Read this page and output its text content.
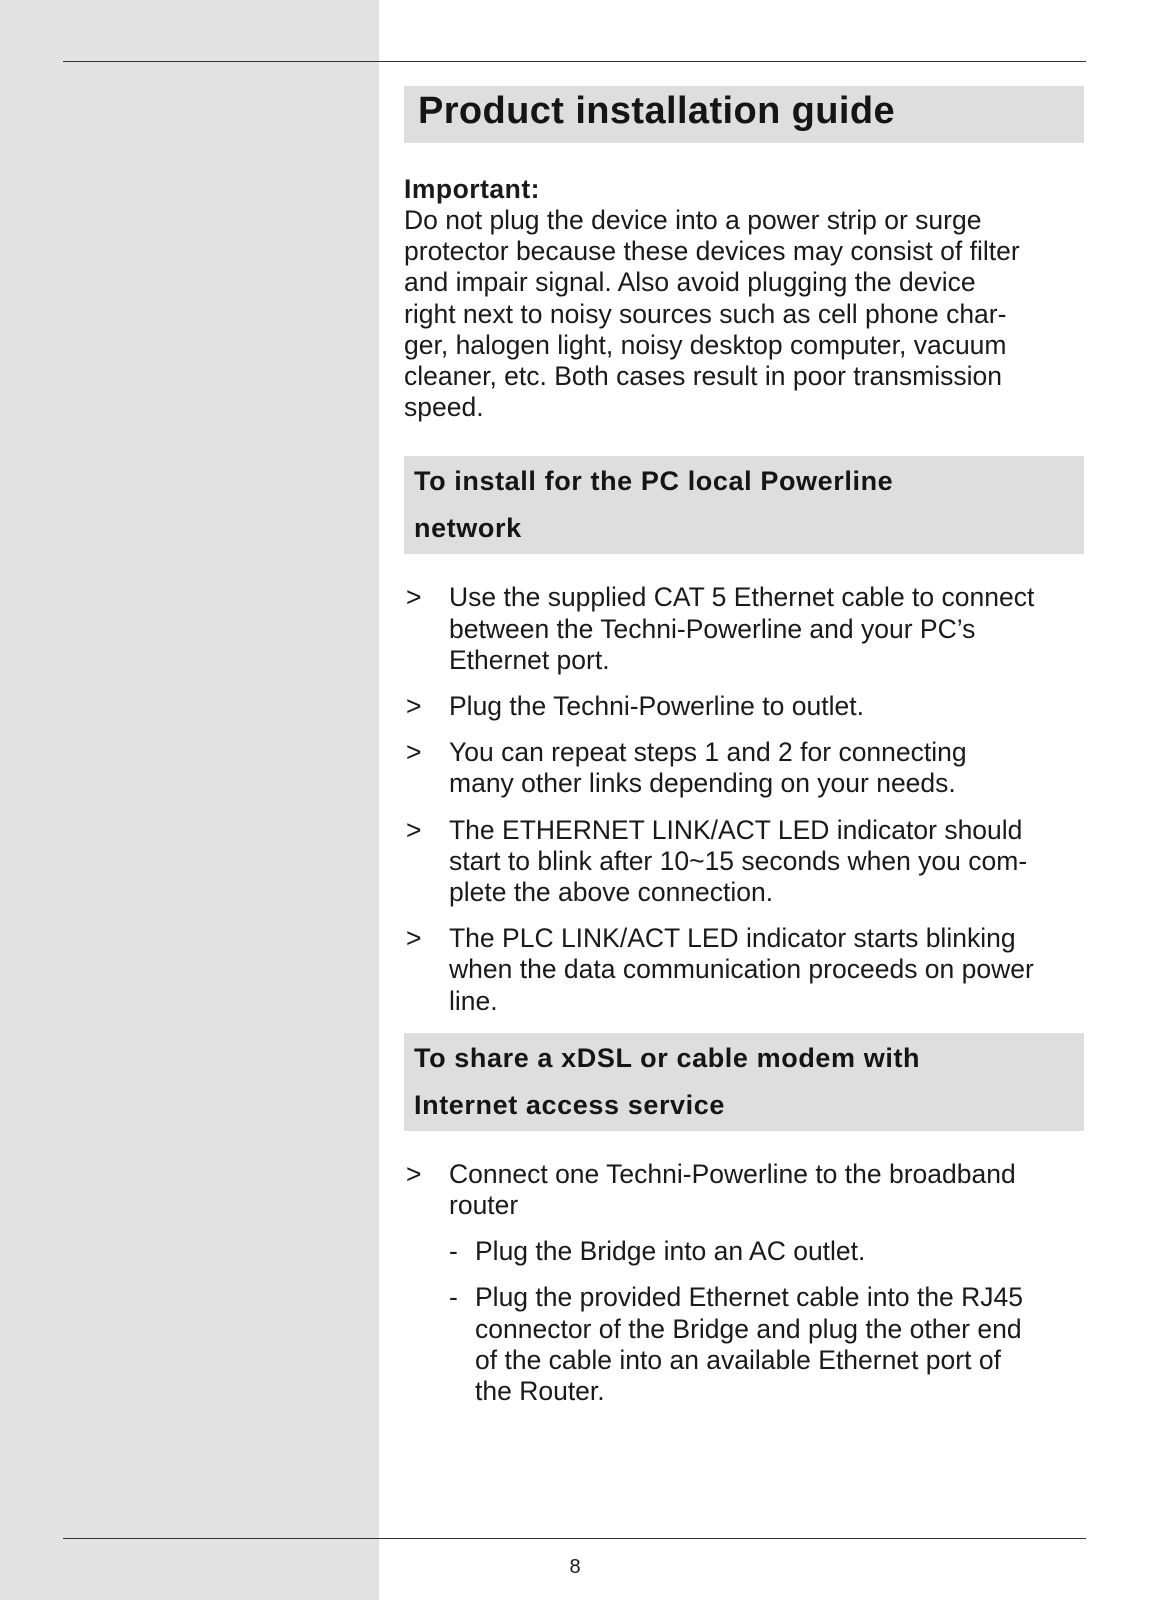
Product installation guide
Important:

Do not plug the device into a power strip or surge
protector because these devices may consist of filter
and impair signal. Also avoid plugging the device
right next to noisy sources such as cell phone char-
ger, halogen light, noisy desktop computer, vacuum
cleaner, etc. Both cases result in poor transmission
speed.

To install for the PC local Powerline
network
> Use the supplied CAT 5 Ethernet cable to connect
between the Techni-Powerline and your PC’s
Ethernet port.
> Plug the Techni-Powerline to outlet.
> You can repeat steps 1 and 2 for connecting
many other links depending on your needs.
> The ETHERNET LINK/ACT LED indicator should
start to blink after 10~15 seconds when you com-
plete the above connection.
> The PLC LINK/ACT LED indicator starts blinking
when the data communication proceeds on power
line.
To share a xDSL or cable modem with
Internet access service
> Connect one Techni-Powerline to the broadband
router
- Plug the Bridge into an AC outlet.
- Plug the provided Ethernet cable into the RJ45
connector of the Bridge and plug the other end
of the cable into an available Ethernet port of
the Router.
8
